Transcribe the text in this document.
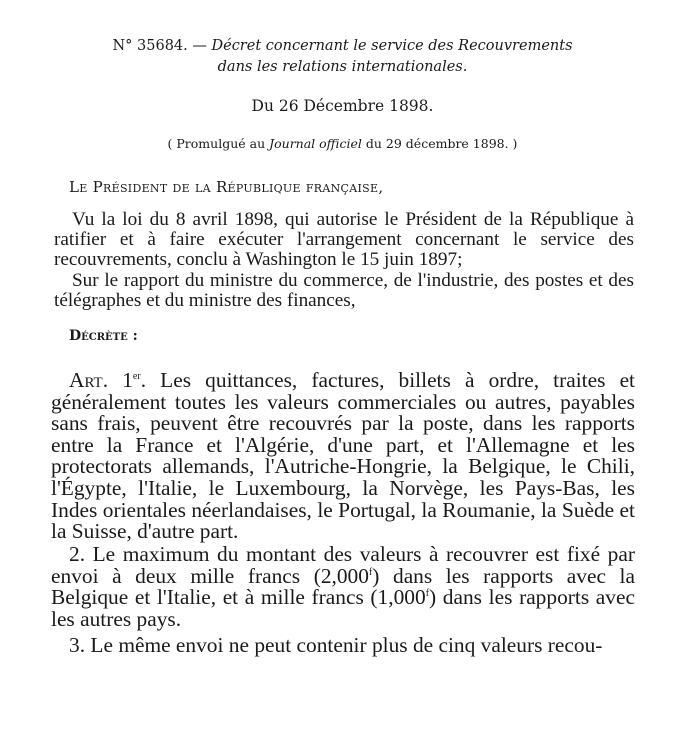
N° 35684. — Décret concernant le service des Recouvrements

dans les relations internationales.

Du 26 Décembre 1898.

( Promulgué au Journal officiel du 29 décembre 1898. )

Le Président de la République française,

Vu la loi du 8 avril 1898, qui autorise le Président de la République à ratifier et à faire exécuter l'arrangement concernant le service des recouvrements, conclu à Washington le 15 juin 1897;

Sur le rapport du ministre du commerce, de l'industrie, des postes et des télégraphes et du ministre des finances,

Décrète :

Art. 1er. Les quittances, factures, billets à ordre, traites et généralement toutes les valeurs commerciales ou autres, payables sans frais, peuvent être recouvrés par la poste, dans les rapports entre la France et l'Algérie, d'une part, et l'Allemagne et les protectorats allemands, l'Autriche-Hongrie, la Belgique, le Chili, l'Égypte, l'Italie, le Luxembourg, la Norvège, les Pays-Bas, les Indes orientales néerlandaises, le Portugal, la Roumanie, la Suède et la Suisse, d'autre part.

2. Le maximum du montant des valeurs à recouvrer est fixé par envoi à deux mille francs (2,000$^f$) dans les rapports avec la Belgique et l'Italie, et à mille francs (1,000$^f$) dans les rapports avec les autres pays.

3. Le même envoi ne peut contenir plus de cinq valeurs recou-
